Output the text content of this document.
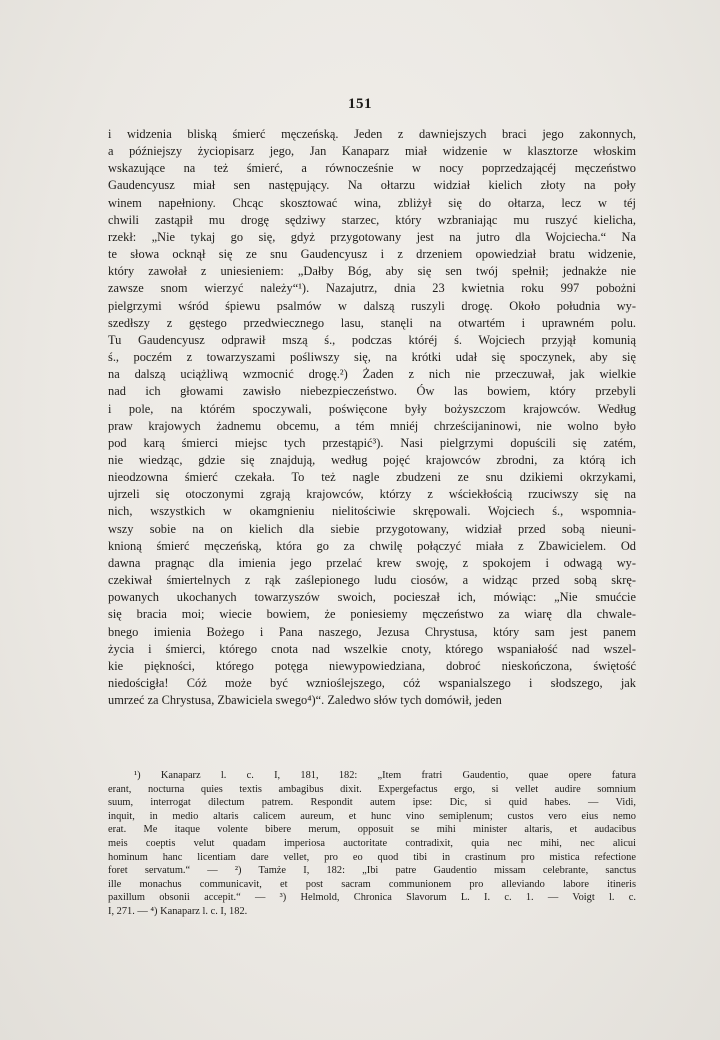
151
i widzenia bliską śmierć męczeńską. Jeden z dawniejszych braci jego zakonnych,
a późniejszy życiopisarz jego, Jan Kanaparz miał widzenie w klasztorze włoskim
wskazujące na też śmierć, a równocześnie w nocy poprzedzającéj męczeństwo
Gaudencyusz miał sen następujący. Na ołtarzu widział kielich złoty na poły
winem napełniony. Chcąc skosztować wina, zbliżył się do ołtarza, lecz w téj
chwili zastąpił mu drogę sędziwy starzec, który wzbraniając mu ruszyć kielicha,
rzekł: „Nie tykaj go się, gdyż przygotowany jest na jutro dla Wojciecha.“ Na
te słowa ocknął się ze snu Gaudencyusz i z drzeniem opowiedział bratu widzenie,
który zawołał z uniesieniem: „Dałby Bóg, aby się sen twój spełnił; jednakże nie
zawsze snom wierzyć należy“¹). Nazajutrz, dnia 23 kwietnia roku 997 pobożni
pielgrzymi wśród śpiewu psalmów w dalszą ruszyli drogę. Około południa wy-
szedłszy z gęstego przedwiecznego lasu, stanęli na otwartém i uprawném polu.
Tu Gaudencyusz odprawił mszą ś., podczas któréj ś. Wojciech przyjął komunią
ś., poczém z towarzyszami pośliwszy się, na krótki udał się spoczynek, aby się
na dalszą uciążliwą wzmocnić drogę.²) Żaden z nich nie przeczuwał, jak wielkie
nad ich głowami zawisło niebezpieczeństwo. Ów las bowiem, który przebyli
i pole, na którém spoczywali, poświęcone były bożyszczom krajowców. Według
praw krajowych żadnemu obcemu, a tém mniéj chrześcijaninowi, nie wolno było
pod karą śmierci miejsc tych przestąpić³). Nasi pielgrzymi dopuścili się zatém,
nie wiedząc, gdzie się znajdują, według pojęć krajowców zbrodni, za którą ich
nieodzowna śmierć czekała. To też nagle zbudzeni ze snu dzikiemi okrzykami,
ujrzeli się otoczonymi zgrają krajowców, którzy z wściekłością rzuciwszy się na
nich, wszystkich w okamgnieniu nielitościwie skrępowali. Wojciech ś., wspomnia-
wszy sobie na on kielich dla siebie przygotowany, widział przed sobą nieuni-
knioną śmierć męczeńską, która go za chwilę połączyć miała z Zbawicielem. Od
dawna pragnąc dla imienia jego przelać krew swoję, z spokojem i odwagą wy-
czekiwał śmiertelnych z rąk zaślepionego ludu ciosów, a widząc przed sobą skrę-
powanych ukochanych towarzyszów swoich, pocieszał ich, mówiąc: „Nie smućcie
się bracia moi; wiecie bowiem, że poniesiemy męczeństwo za wiarę dla chwale-
bnego imienia Bożego i Pana naszego, Jezusa Chrystusa, który sam jest panem
życia i śmierci, którego cnota nad wszelkie cnoty, którego wspaniałość nad wszel-
kie piękności, którego potęga niewypowiedziana, dobroć nieskończona, świętość
niedościgła! Cóż może być wznioślejszego, cóż wspanialszego i słodszego, jak
umrzeć za Chrystusa, Zbawiciela swego⁴)“. Zaledwo słów tych domówił, jeden
¹) Kanaparz l. c. I, 181, 182: „Item fratri Gaudentio, quae opere fatura
erant, nocturna quies textis ambagibus dixit. Expergefactus ergo, si vellet audire somnium
suum, interrogat dilectum patrem. Respondit autem ipse: Dic, si quid habes. — Vidi,
inquit, in medio altaris calicem aureum, et hunc vino semiplenum; custos vero eius nemo
erat. Me itaque volente bibere merum, opposuit se mihi minister altaris, et audacibus
meis coeptis velut quadam imperiosa auctoritate contradixit, quia nec mihi, nec alicui
hominum hanc licentiam dare vellet, pro eo quod tibi in crastinum pro mistica refectione
foret servatum.“ — ²) Tamże I, 182: „Ibi patre Gaudentio missam celebrante, sanctus
ille monachus communicavit, et post sacram communionem pro alleviando labore itineris
paxillum obsonii accepit.“ — ³) Helmold, Chronica Slavorum L. I. c. 1. — Voigt l. c.
I, 271. — ⁴) Kanaparz l. c. I, 182.
